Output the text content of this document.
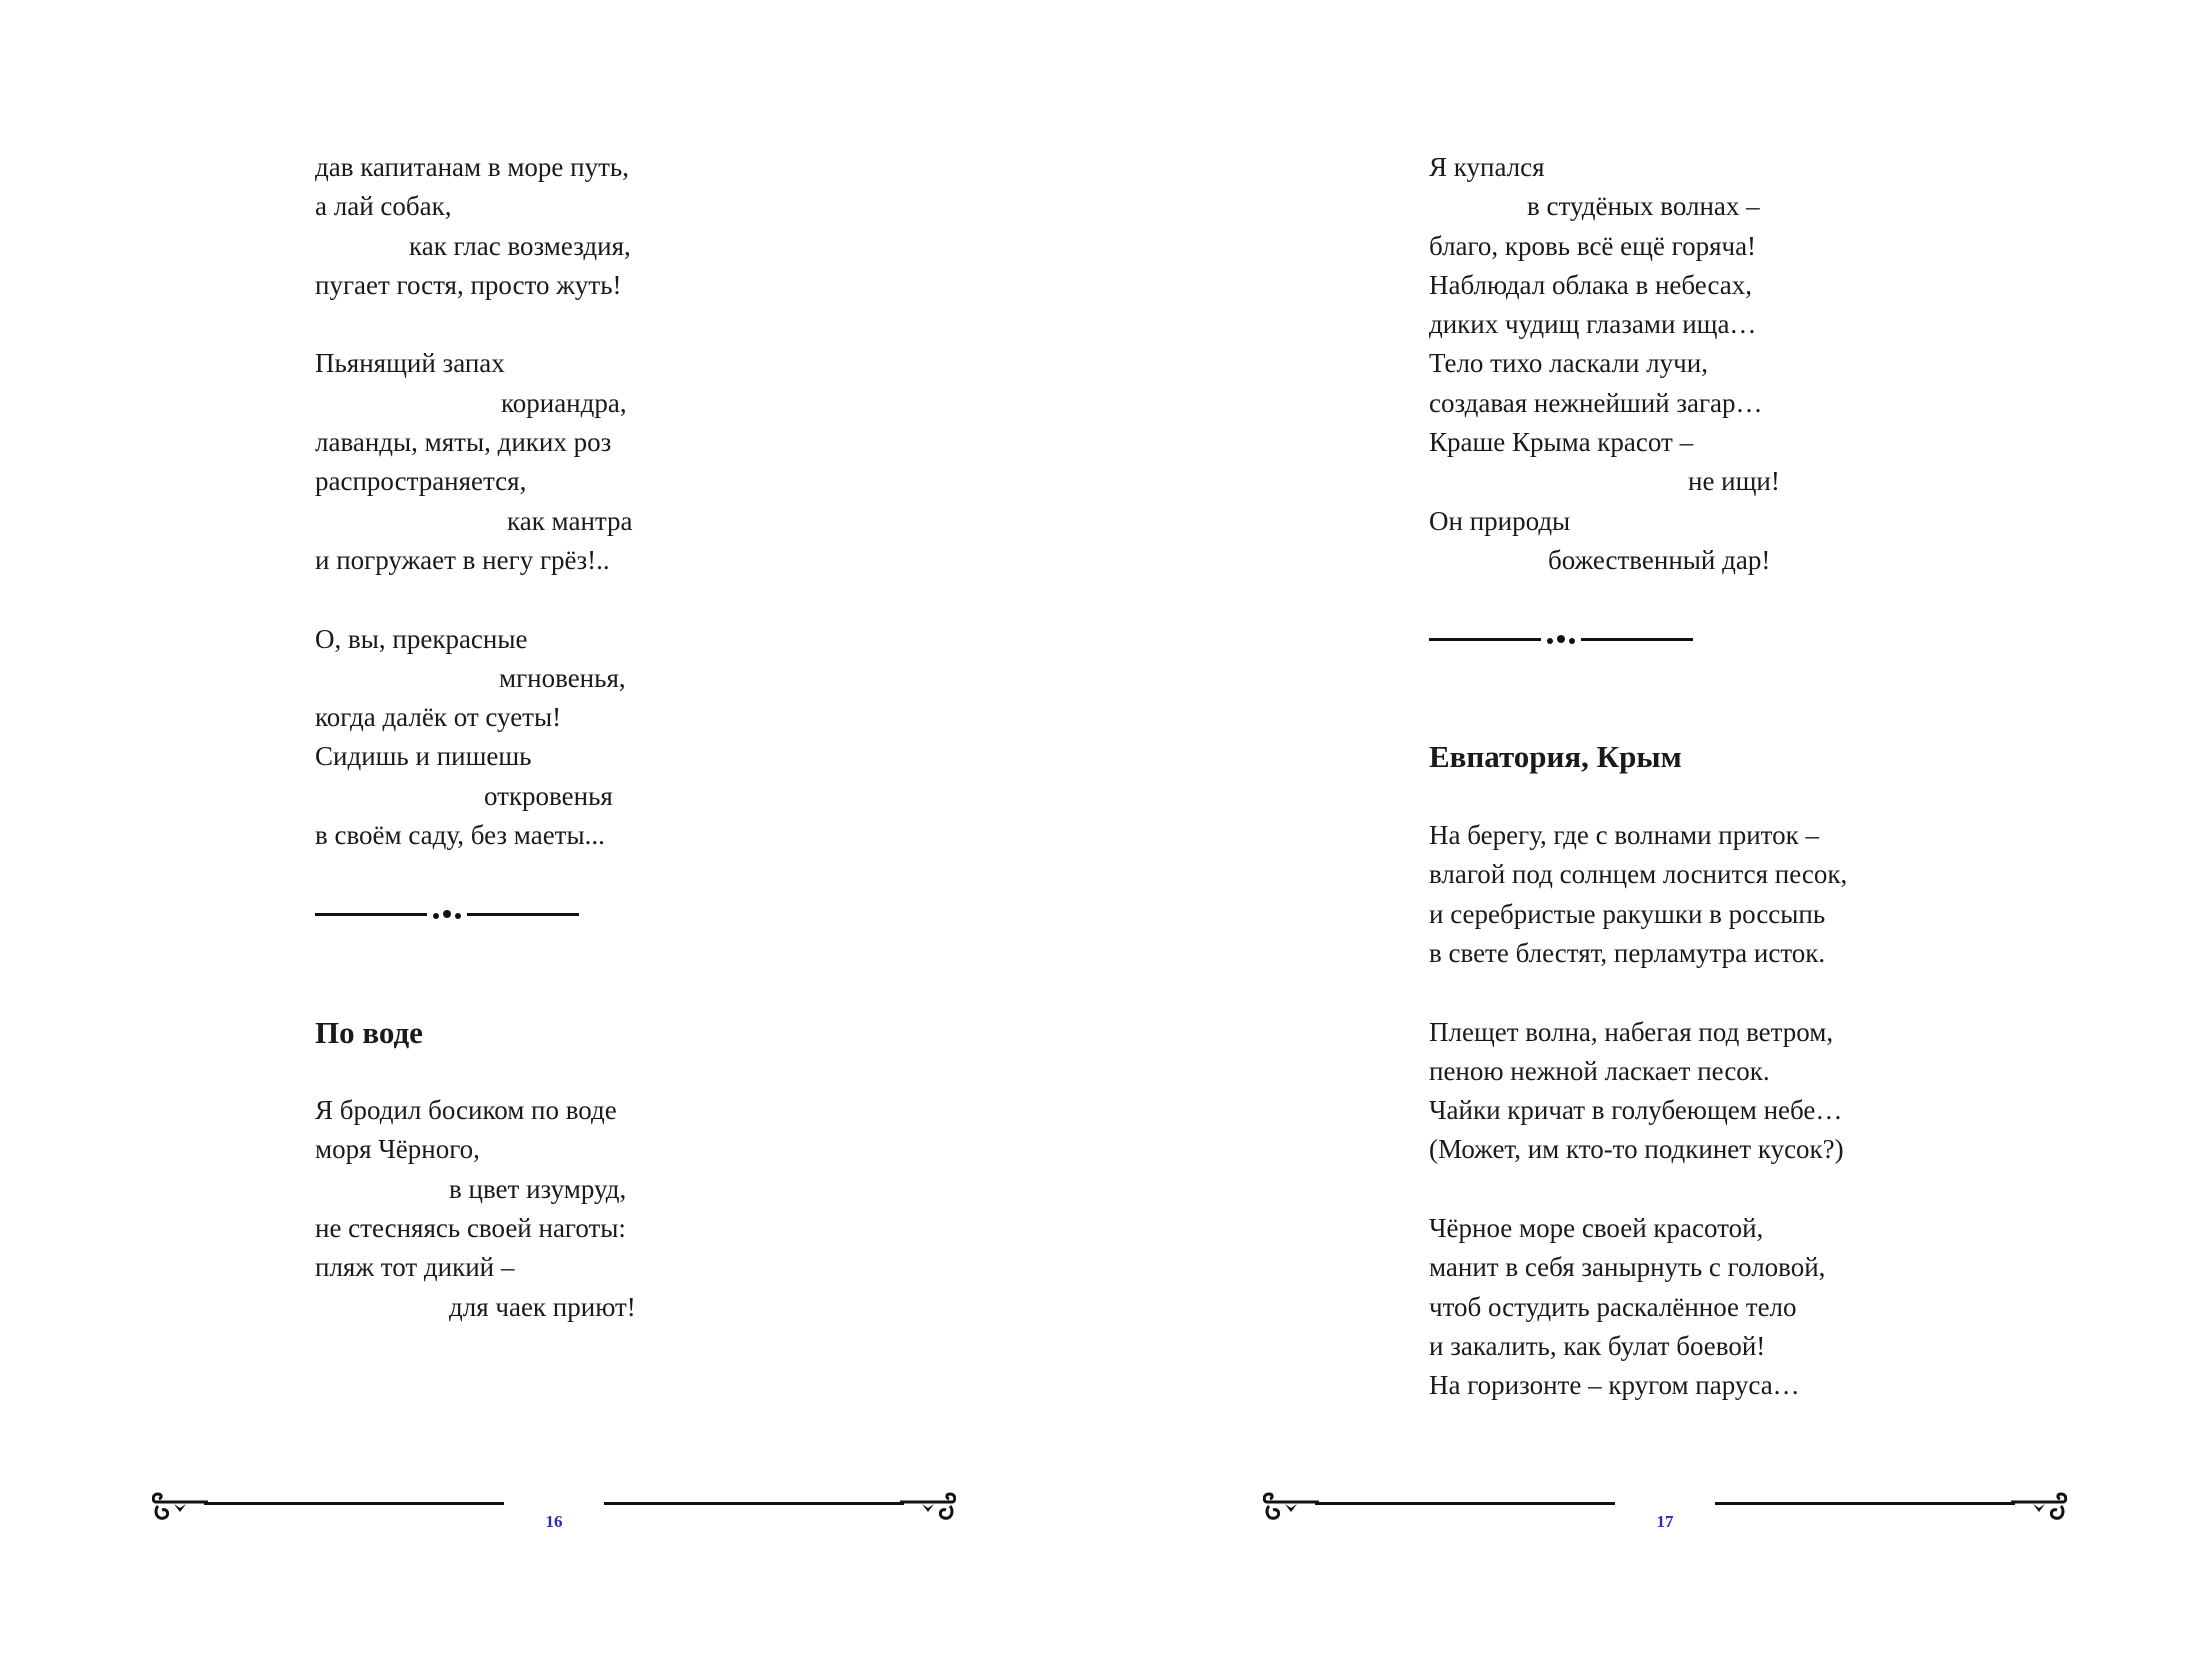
дав капитанам в море путь,
а лай собак,
как глас возмездия,
пугает гостя, просто жуть!
Пьянящий запах
кориандра,
лаванды, мяты, диких роз
распространяется,
как мантра
и погружает в негу грёз!..
О, вы, прекрасные
мгновенья,
когда далёк от суеты!
Сидишь и пишешь
откровенья
в своём саду, без маеты...
По воде
Я бродил босиком по воде
моря Чёрного,
в цвет изумруд,
не стесняясь своей наготы:
пляж тот дикий –
для чаек приют!
16
Я купался
в студёных волнах –
благо, кровь всё ещё горяча!
Наблюдал облака в небесах,
диких чудищ глазами ища…
Тело тихо ласкали лучи,
создавая нежнейший загар…
Краше Крыма красот –
не ищи!
Он природы
божественный дар!
Евпатория, Крым
На берегу, где с волнами приток –
влагой под солнцем лоснится песок,
и серебристые ракушки в россыпь
в свете блестят, перламутра исток.
Плещет волна, набегая под ветром,
пеною нежной ласкает песок.
Чайки кричат в голубеющем небе…
(Может, им кто-то подкинет кусок?)
Чёрное море своей красотой,
манит в себя занырнуть с головой,
чтоб остудить раскалённое тело
и закалить, как булат боевой!
На горизонте – кругом паруса…
17
